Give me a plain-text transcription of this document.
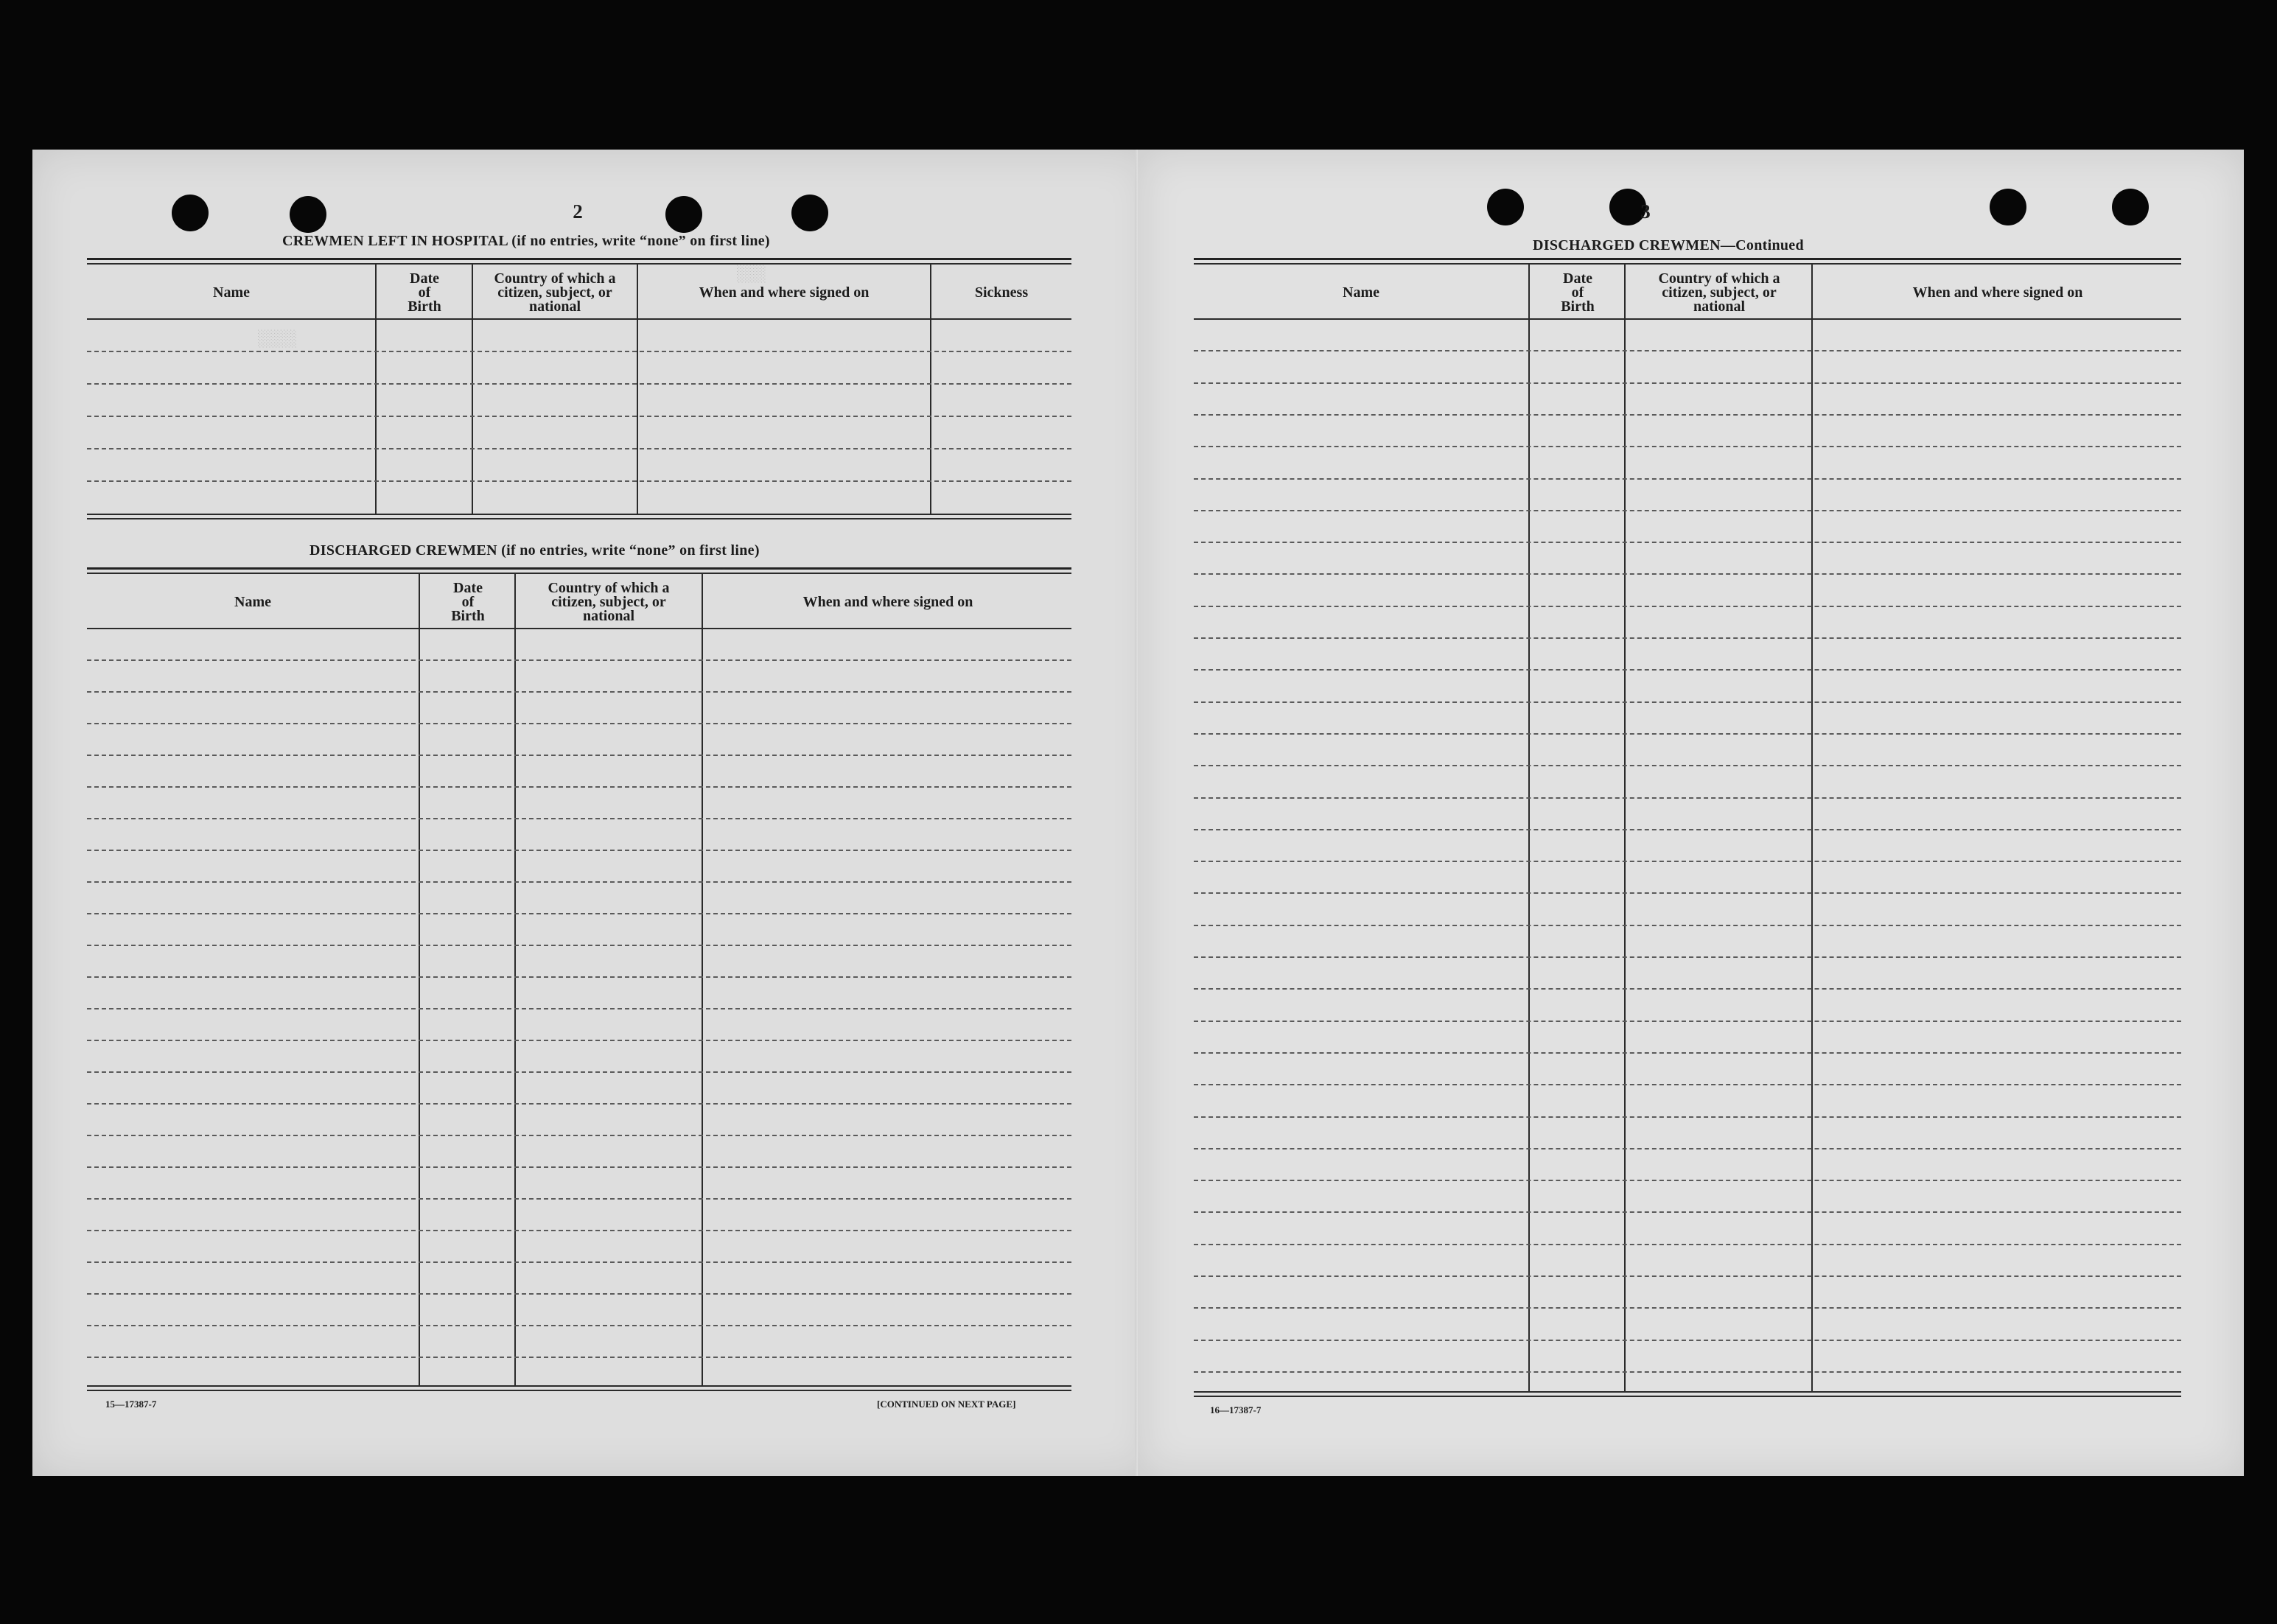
░░░░
░░░
2
CREWMEN LEFT IN HOSPITAL (if no entries, write “none” on first line)
Name
Date
of
Birth
Country of which a
citizen, subject, or
national
When and where signed on	Sickness
DISCHARGED CREWMEN (if no entries, write “none” on first line)
Name
Date
of
Birth
Country of which a
citizen, subject, or
national
When and where signed on
15—17387-7	[CONTINUED ON NEXT PAGE]
3
DISCHARGED CREWMEN—Continued
Name
Date
of
Birth
Country of which a
citizen, subject, or
national
When and where signed on
16—17387-7
